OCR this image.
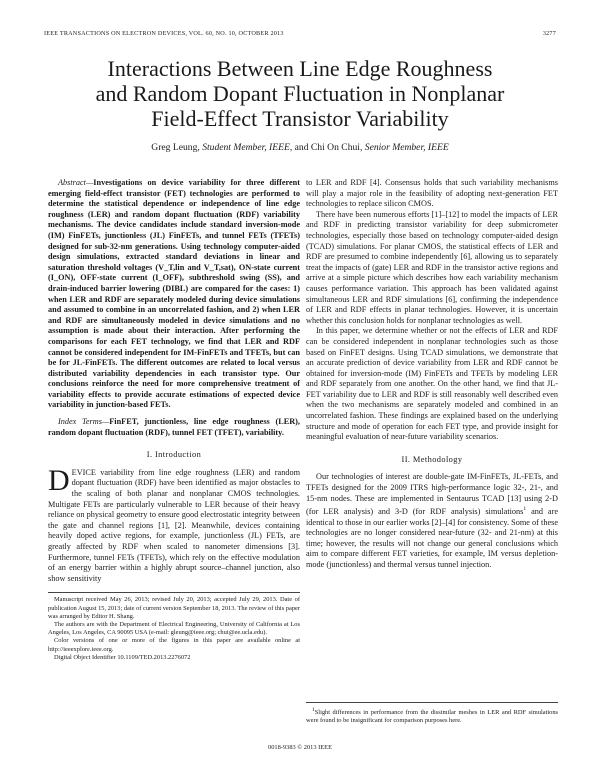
IEEE TRANSACTIONS ON ELECTRON DEVICES, VOL. 60, NO. 10, OCTOBER 2013	3277
Interactions Between Line Edge Roughness
and Random Dopant Fluctuation in Nonplanar
Field-Effect Transistor Variability
Greg Leung, Student Member, IEEE, and Chi On Chui, Senior Member, IEEE

Abstract—Investigations on device variability for three different emerging field-effect transistor (FET) technologies are performed to determine the statistical dependence or independence of line edge roughness (LER) and random dopant fluctuation (RDF) variability mechanisms. The device candidates include standard inversion-mode (IM) FinFETs, junctionless (JL) FinFETs, and tunnel FETs (TFETs) designed for sub-32-nm generations. Using technology computer-aided design simulations, extracted standard deviations in linear and saturation threshold voltages (V_T,lin and V_T,sat), ON-state current (I_ON), OFF-state current (I_OFF), subthreshold swing (SS), and drain-induced barrier lowering (DIBL) are compared for the cases: 1) when LER and RDF are separately modeled during device simulations and assumed to combine in an uncorrelated fashion, and 2) when LER and RDF are simultaneously modeled in device simulations and no assumption is made about their interaction. After performing the comparisons for each FET technology, we find that LER and RDF cannot be considered independent for IM-FinFETs and TFETs, but can be for JL-FinFETs. The different outcomes are related to local versus distributed variability dependencies in each transistor type. Our conclusions reinforce the need for more comprehensive treatment of variability effects to provide accurate estimations of expected device variability in junction-based FETs.

Index Terms—FinFET, junctionless, line edge roughness (LER), random dopant fluctuation (RDF), tunnel FET (TFET), variability.

I. Introduction

DEVICE variability from line edge roughness (LER) and random dopant fluctuation (RDF) have been identified as major obstacles to the scaling of both planar and nonplanar CMOS technologies. Multigate FETs are particularly vulnerable to LER because of their heavy reliance on physical geometry to ensure good electrostatic integrity between the gate and channel regions [1], [2]. Meanwhile, devices containing heavily doped active regions, for example, junctionless (JL) FETs, are greatly affected by RDF when scaled to nanometer dimensions [3]. Furthermore, tunnel FETs (TFETs), which rely on the effective modulation of an energy barrier within a highly abrupt source–channel junction, also show sensitivity

Manuscript received May 26, 2013; revised July 20, 2013; accepted July 29, 2013. Date of publication August 15, 2013; date of current version September 18, 2013. The review of this paper was arranged by Editor H. Shang.

The authors are with the Department of Electrical Engineering, University of California at Los Angeles, Los Angeles, CA 90095 USA (e-mail: gleung@ieee.org; chui@ee.ucla.edu).

Color versions of one or more of the figures in this paper are available online at http://ieeexplore.ieee.org.

Digital Object Identifier 10.1109/TED.2013.2276072

to LER and RDF [4]. Consensus holds that such variability mechanisms will play a major role in the feasibility of adopting next-generation FET technologies to replace silicon CMOS.

There have been numerous efforts [1]–[12] to model the impacts of LER and RDF in predicting transistor variability for deep submicrometer technologies, especially those based on technology computer-aided design (TCAD) simulations. For planar CMOS, the statistical effects of LER and RDF are presumed to combine independently [6], allowing us to separately treat the impacts of (gate) LER and RDF in the transistor active regions and arrive at a simple picture which describes how each variability mechanism causes performance variation. This approach has been validated against simultaneous LER and RDF simulations [6], confirming the independence of LER and RDF effects in planar technologies. However, it is uncertain whether this conclusion holds for nonplanar technologies as well.

In this paper, we determine whether or not the effects of LER and RDF can be considered independent in nonplanar technologies such as those based on FinFET designs. Using TCAD simulations, we demonstrate that an accurate prediction of device variability from LER and RDF cannot be obtained for inversion-mode (IM) FinFETs and TFETs by modeling LER and RDF separately from one another. On the other hand, we find that JL-FET variability due to LER and RDF is still reasonably well described even when the two mechanisms are separately modeled and combined in an uncorrelated fashion. These findings are explained based on the underlying structure and mode of operation for each FET type, and provide insight for meaningful evaluation of near-future variability scenarios.

II. Methodology

Our technologies of interest are double-gate IM-FinFETs, JL-FETs, and TFETs designed for the 2009 ITRS high-performance logic 32-, 21-, and 15-nm nodes. These are implemented in Sentaurus TCAD [13] using 2-D (for LER analysis) and 3-D (for RDF analysis) simulations$^1$ and are identical to those in our earlier works [2]–[4] for consistency. Some of these technologies are no longer considered near-future (32- and 21-nm) at this time; however, the results will not change our general conclusions which aim to compare different FET varieties, for example, IM versus depletion-mode (junctionless) and thermal versus tunnel injection.

$^1$Slight differences in performance from the dissimilar meshes in LER and RDF simulations were found to be insignificant for comparison purposes here.

0018-9383 © 2013 IEEE
